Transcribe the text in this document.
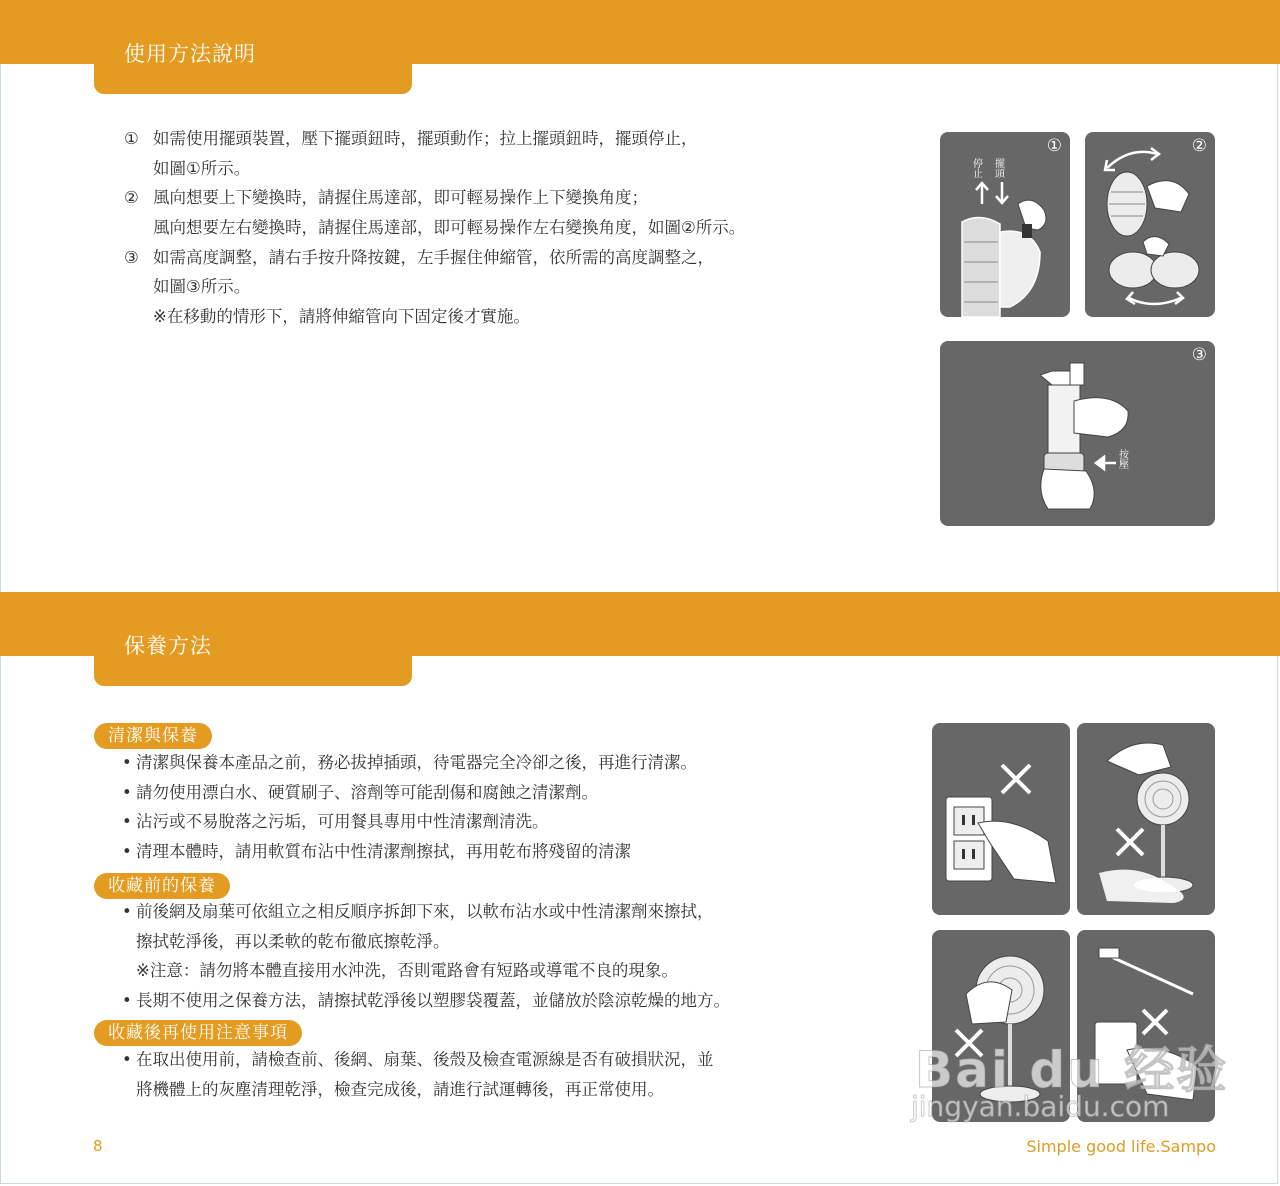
使用方法說明
① 如需使用擺頭裝置，壓下擺頭鈕時，擺頭動作；拉上擺頭鈕時，擺頭停止，
如圖①所示。
② 風向想要上下變換時，請握住馬達部，即可輕易操作上下變換角度；
風向想要左右變換時，請握住馬達部，即可輕易操作左右變換角度，如圖②所示。
③ 如需高度調整，請右手按升降按鍵，左手握住伸縮管，依所需的高度調整之，
如圖③所示。
※在移動的情形下，請將伸縮管向下固定後才實施。
①
停止 擺頭
②
③
按壓
保養方法
清潔與保養
• 清潔與保養本產品之前，務必拔掉插頭，待電器完全冷卻之後，再進行清潔。
• 請勿使用漂白水、硬質刷子、溶劑等可能刮傷和腐蝕之清潔劑。
• 沾污或不易脫落之污垢，可用餐具專用中性清潔劑清洗。
• 清理本體時，請用軟質布沾中性清潔劑擦拭，再用乾布將殘留的清潔
收藏前的保養
• 前後網及扇葉可依組立之相反順序拆卸下來，以軟布沾水或中性清潔劑來擦拭，
擦拭乾淨後，再以柔軟的乾布徹底擦乾淨。
※注意：請勿將本體直接用水沖洗，否則電路會有短路或導電不良的現象。
• 長期不使用之保養方法，請擦拭乾淨後以塑膠袋覆蓋，並儲放於陰涼乾燥的地方。
收藏後再使用注意事項
• 在取出使用前，請檢查前、後網、扇葉、後殼及檢查電源線是否有破損狀況，並
將機體上的灰塵清理乾淨，檢查完成後，請進行試運轉後，再正常使用。	Bai du 经验
jingyan.baidu.com
8	Simple good life.Sampo
